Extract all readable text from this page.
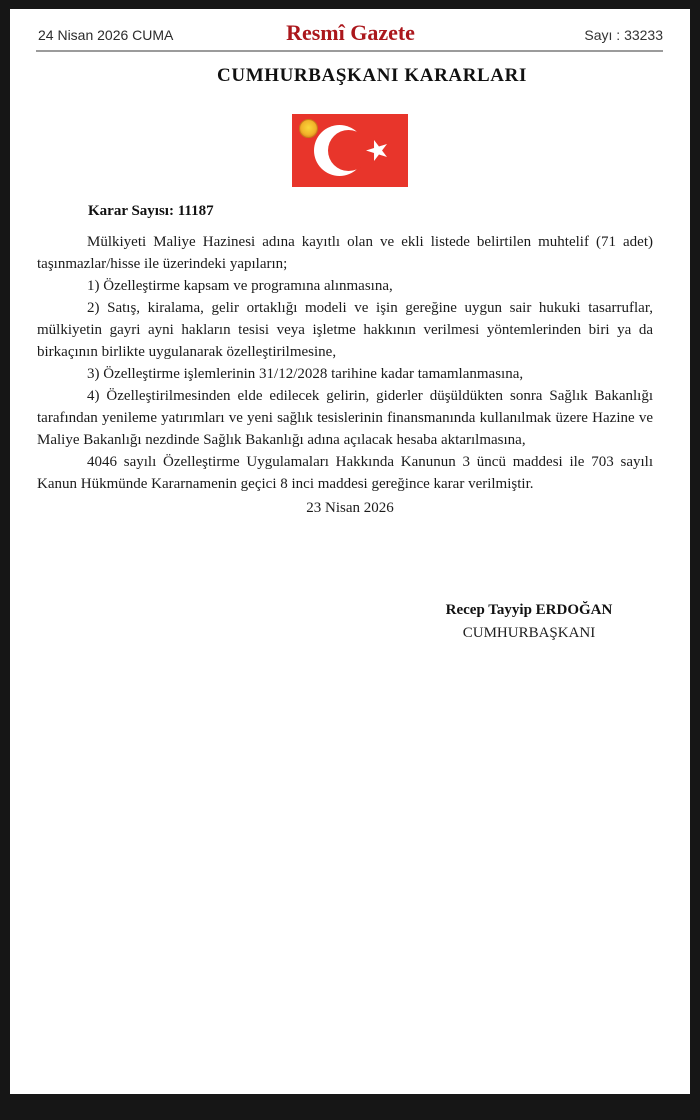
24 Nisan 2026 CUMA	Resmî Gazete	Sayı : 33233
CUMHURBAŞKANI KARARLARI
Karar Sayısı: 11187

Mülkiyeti Maliye Hazinesi adına kayıtlı olan ve ekli listede belirtilen muhtelif (71 adet) taşınmazlar/hisse ile üzerindeki yapıların;

1) Özelleştirme kapsam ve programına alınmasına,

2) Satış, kiralama, gelir ortaklığı modeli ve işin gereğine uygun sair hukuki tasarruflar, mülkiyetin gayri ayni hakların tesisi veya işletme hakkının verilmesi yöntemlerinden biri ya da birkaçının birlikte uygulanarak özelleştirilmesine,

3) Özelleştirme işlemlerinin 31/12/2028 tarihine kadar tamamlanmasına,

4) Özelleştirilmesinden elde edilecek gelirin, giderler düşüldükten sonra Sağlık Bakanlığı tarafından yenileme yatırımları ve yeni sağlık tesislerinin finansmanında kullanılmak üzere Hazine ve Maliye Bakanlığı nezdinde Sağlık Bakanlığı adına açılacak hesaba aktarılmasına,

4046 sayılı Özelleştirme Uygulamaları Hakkında Kanunun 3 üncü maddesi ile 703 sayılı Kanun Hükmünde Kararnamenin geçici 8 inci maddesi gereğince karar verilmiştir.

23 Nisan 2026
Recep Tayyip ERDOĞAN
CUMHURBAŞKANI
